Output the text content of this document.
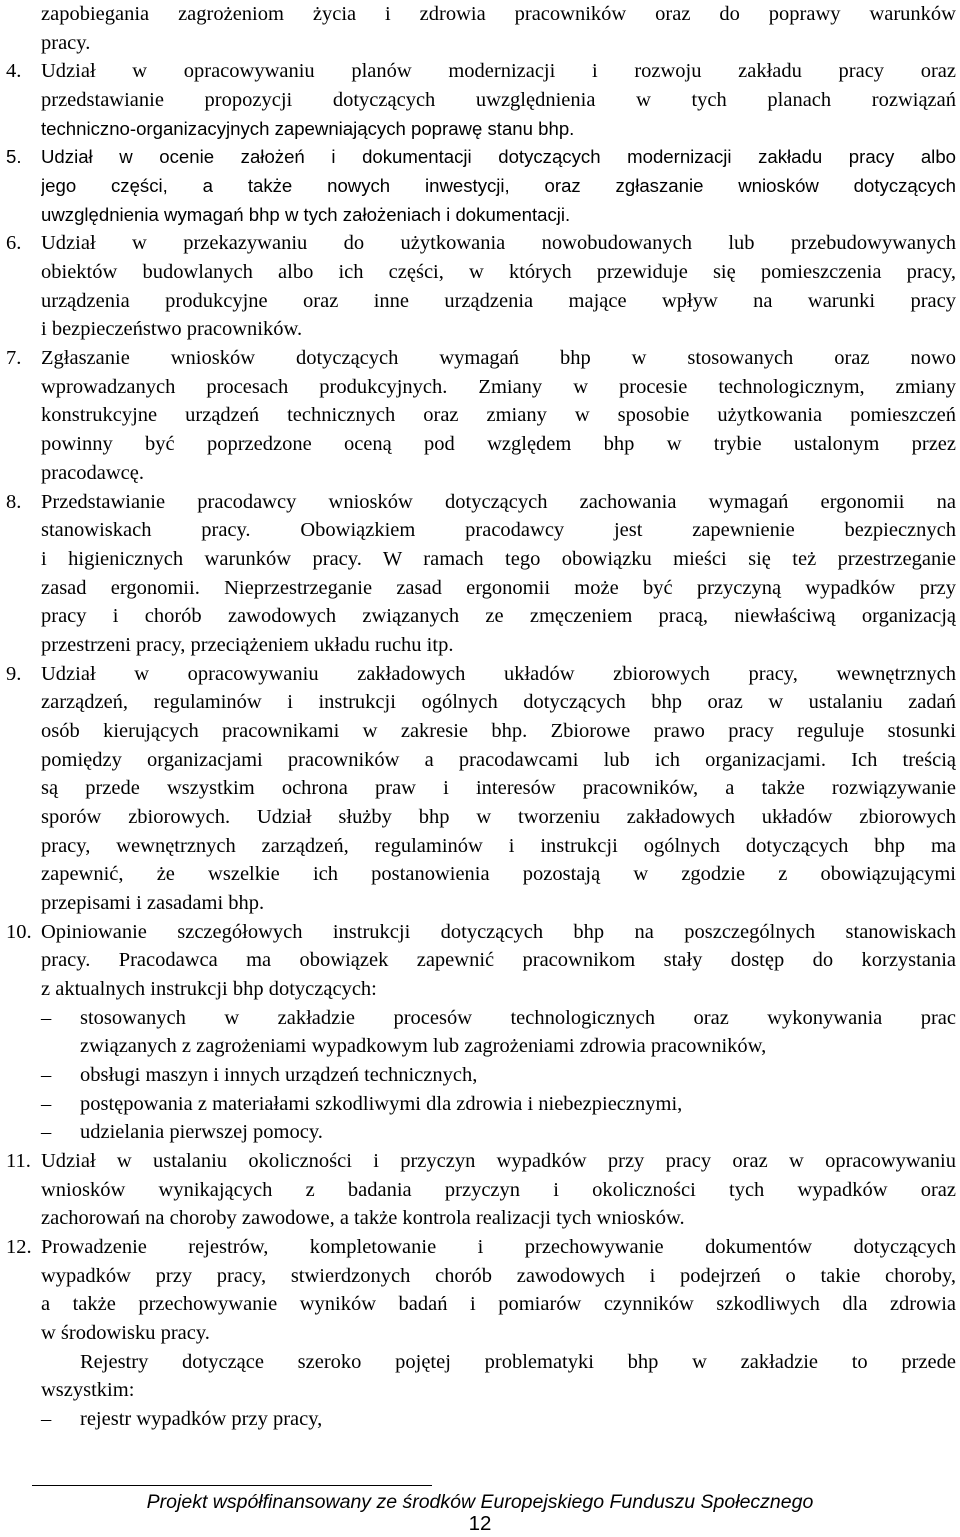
zapobiegania zagrożeniom życia i zdrowia pracowników oraz do poprawy warunków
pracy.
4. Udział w opracowywaniu planów modernizacji i rozwoju zakładu pracy oraz
przedstawianie propozycji dotyczących uwzględnienia w tych planach rozwiązań
techniczno-organizacyjnych zapewniających poprawę stanu bhp.
5. Udział w ocenie założeń i dokumentacji dotyczących modernizacji zakładu pracy albo
jego części, a także nowych inwestycji, oraz zgłaszanie wniosków dotyczących
uwzględnienia wymagań bhp w tych założeniach i dokumentacji.
6. Udział w przekazywaniu do użytkowania nowobudowanych lub przebudowywanych
obiektów budowlanych albo ich części, w których przewiduje się pomieszczenia pracy,
urządzenia produkcyjne oraz inne urządzenia mające wpływ na warunki pracy
i bezpieczeństwo pracowników.
7. Zgłaszanie wniosków dotyczących wymagań bhp w stosowanych oraz nowo
wprowadzanych procesach produkcyjnych. Zmiany w procesie technologicznym, zmiany
konstrukcyjne urządzeń technicznych oraz zmiany w sposobie użytkowania pomieszczeń
powinny być poprzedzone oceną pod względem bhp w trybie ustalonym przez
pracodawcę.
8. Przedstawianie pracodawcy wniosków dotyczących zachowania wymagań ergonomii na
stanowiskach pracy. Obowiązkiem pracodawcy jest zapewnienie bezpiecznych
i higienicznych warunków pracy. W ramach tego obowiązku mieści się też przestrzeganie
zasad ergonomii. Nieprzestrzeganie zasad ergonomii może być przyczyną wypadków przy
pracy i chorób zawodowych związanych ze zmęczeniem pracą, niewłaściwą organizacją
przestrzeni pracy, przeciążeniem układu ruchu itp.
9. Udział w opracowywaniu zakładowych układów zbiorowych pracy, wewnętrznych
zarządzeń, regulaminów i instrukcji ogólnych dotyczących bhp oraz w ustalaniu zadań
osób kierujących pracownikami w zakresie bhp. Zbiorowe prawo pracy reguluje stosunki
pomiędzy organizacjami pracowników a pracodawcami lub ich organizacjami. Ich treścią
są przede wszystkim ochrona praw i interesów pracowników, a także rozwiązywanie
sporów zbiorowych. Udział służby bhp w tworzeniu zakładowych układów zbiorowych
pracy, wewnętrznych zarządzeń, regulaminów i instrukcji ogólnych dotyczących bhp ma
zapewnić, że wszelkie ich postanowienia pozostają w zgodzie z obowiązującymi
przepisami i zasadami bhp.
10. Opiniowanie szczegółowych instrukcji dotyczących bhp na poszczególnych stanowiskach
pracy. Pracodawca ma obowiązek zapewnić pracownikom stały dostęp do korzystania
z aktualnych instrukcji bhp dotyczących:
– stosowanych w zakładzie procesów technologicznych oraz wykonywania prac
związanych z zagrożeniami wypadkowym lub zagrożeniami zdrowia pracowników,
– obsługi maszyn i innych urządzeń technicznych,
– postępowania z materiałami szkodliwymi dla zdrowia i niebezpiecznymi,
– udzielania pierwszej pomocy.
11. Udział w ustalaniu okoliczności i przyczyn wypadków przy pracy oraz w opracowywaniu
wniosków wynikających z badania przyczyn i okoliczności tych wypadków oraz
zachorowań na choroby zawodowe, a także kontrola realizacji tych wniosków.
12. Prowadzenie rejestrów, kompletowanie i przechowywanie dokumentów dotyczących
wypadków przy pracy, stwierdzonych chorób zawodowych i podejrzeń o takie choroby,
a także przechowywanie wyników badań i pomiarów czynników szkodliwych dla zdrowia
w środowisku pracy.
Rejestry dotyczące szeroko pojętej problematyki bhp w zakładzie to przede
wszystkim:
– rejestr wypadków przy pracy,
Projekt współfinansowany ze środków Europejskiego Funduszu Społecznego
12
